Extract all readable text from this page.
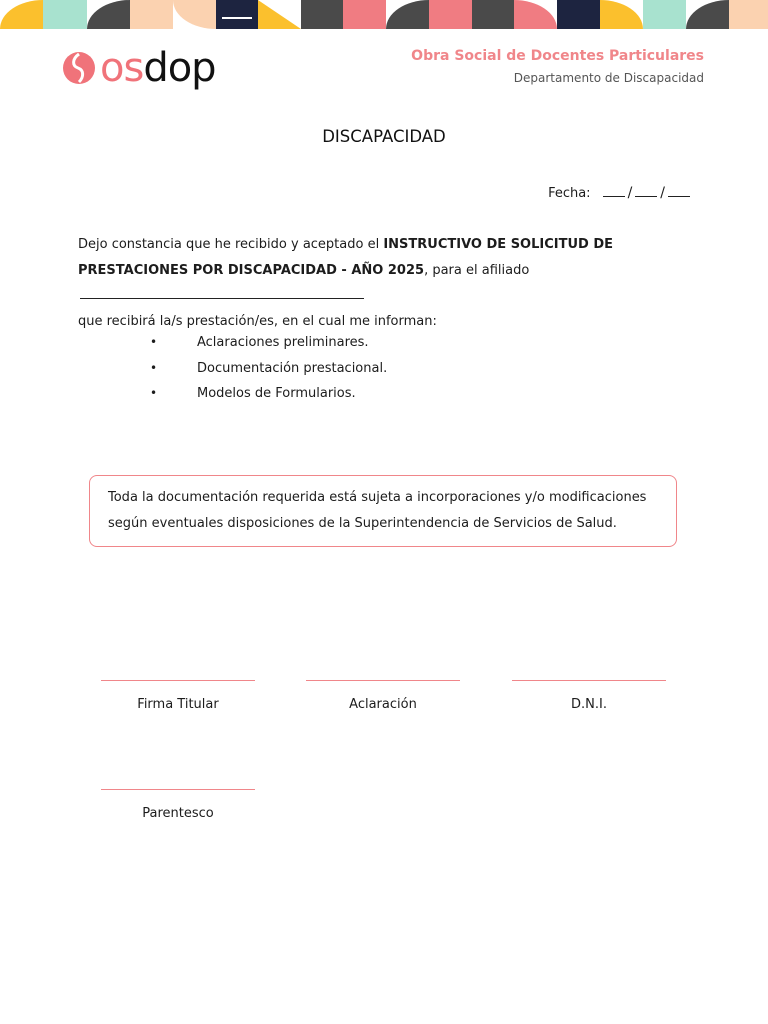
osdop	Obra Social de Docentes Particulares
Departamento de Discapacidad
DISCAPACIDAD
Fecha:	/ /
Dejo constancia que he recibido y aceptado el INSTRUCTIVO DE SOLICITUD DE PRESTACIONES POR DISCAPACIDAD - AÑO 2025, para el afiliado
que recibirá la/s prestación/es, en el cual me informan:
•	Aclaraciones preliminares.
•	Documentación prestacional.
•	Modelos de Formularios.
Toda la documentación requerida está sujeta a incorporaciones y/o modificaciones según eventuales disposiciones de la Superintendencia de Servicios de Salud.
Firma Titular	Aclaración	D.N.I.
Parentesco
